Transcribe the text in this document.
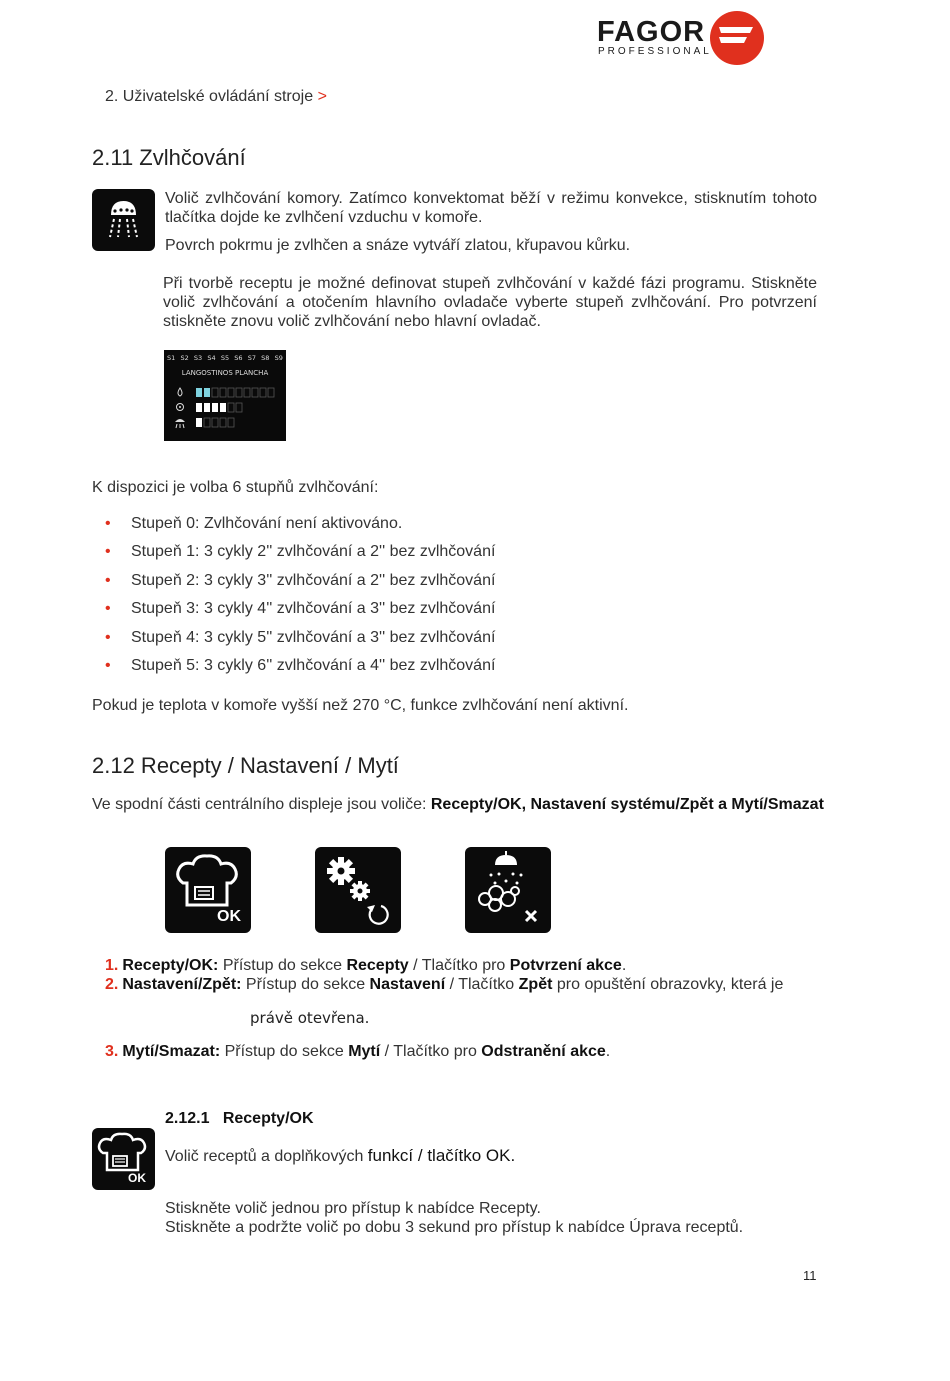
FAGOR
PROFESSIONAL
2. Uživatelské ovládání stroje >
2.11 Zvlhčování
Volič zvlhčování komory. Zatímco konvektomat běží v režimu konvekce, stisknutím tohoto tlačítka dojde ke zvlhčení vzduchu v komoře.
Povrch pokrmu je zvlhčen a snáze vytváří zlatou, křupavou kůrku.
Při tvorbě receptu je možné definovat stupeň zvlhčování v každé fázi programu. Stiskněte volič zvlhčování a otočením hlavního ovladače vyberte stupeň zvlhčování. Pro potvrzení stiskněte znovu volič zvlhčování nebo hlavní ovladač.
S1 S2 S3 S4 S5 S6 S7 S8 S9
LANGOSTINOS PLANCHA
K dispozici je volba 6 stupňů zvlhčování:
• Stupeň 0: Zvlhčování není aktivováno.
• Stupeň 1: 3 cykly 2'' zvlhčování a 2'' bez zvlhčování
• Stupeň 2: 3 cykly 3'' zvlhčování a 2'' bez zvlhčování
• Stupeň 3: 3 cykly 4'' zvlhčování a 3'' bez zvlhčování
• Stupeň 4: 3 cykly 5'' zvlhčování a 3'' bez zvlhčování
• Stupeň 5: 3 cykly 6'' zvlhčování a 4'' bez zvlhčování
Pokud je teplota v komoře vyšší než 270 °C, funkce zvlhčování není aktivní.
2.12 Recepty / Nastavení / Mytí
Ve spodní části centrálního displeje jsou voliče: Recepty/OK, Nastavení systému/Zpět a Mytí/Smazat
OK
1. Recepty/OK: Přístup do sekce Recepty / Tlačítko pro Potvrzení akce.
2. Nastavení/Zpět: Přístup do sekce Nastavení / Tlačítko Zpět pro opuštění obrazovky, která je
právě otevřena.
3. Mytí/Smazat: Přístup do sekce Mytí / Tlačítko pro Odstranění akce.
2.12.1 Recepty/OK
OK
Volič receptů a doplňkových funkcí / tlačítko OK.
Stiskněte volič jednou pro přístup k nabídce Recepty.
Stiskněte a podržte volič po dobu 3 sekund pro přístup k nabídce Úprava receptů.
11
